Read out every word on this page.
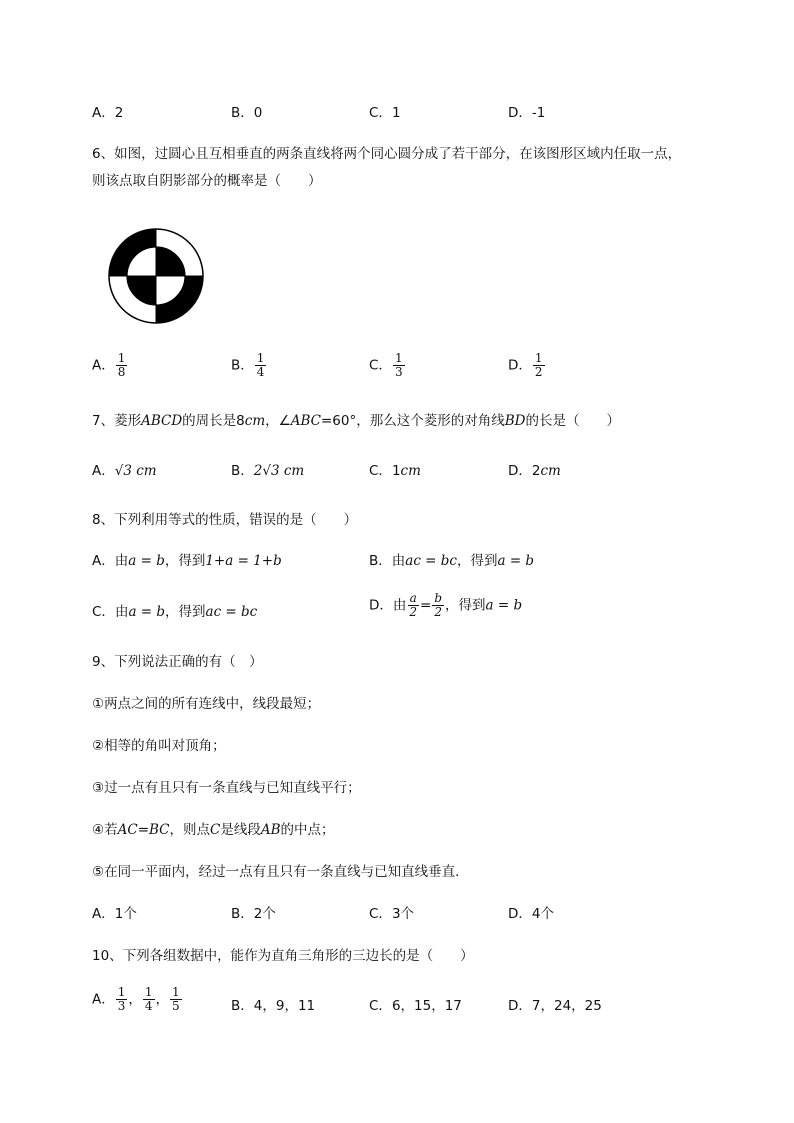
A．2	B．0	C．1	D．-1
6、如图，过圆心且互相垂直的两条直线将两个同心圆分成了若干部分，在该图形区域内任取一点，
则该点取自阴影部分的概率是（　　）
A． $\frac{1}{8}$	B． $\frac{1}{4}$	C． $\frac{1}{3}$	D． $\frac{1}{2}$
7、菱形ABCD的周长是8cm，∠ABC=60°，那么这个菱形的对角线BD的长是（　　）
A．√3 cm	B．2√3 cm	C．1cm	D．2cm
8、下列利用等式的性质，错误的是（　　）
A．由a = b，得到1+a = 1+b	B．由ac = bc，得到a = b
C．由a = b，得到ac = bc	D．由 $\frac{a}{2} = \frac{b}{2}$ ，得到a = b
9、下列说法正确的有（　）
①两点之间的所有连线中，线段最短；
②相等的角叫对顶角；
③过一点有且只有一条直线与已知直线平行；
④若AC=BC，则点C是线段AB的中点；
⑤在同一平面内，经过一点有且只有一条直线与已知直线垂直．
A．1个	B．2个	C．3个	D．4个
10、下列各组数据中，能作为直角三角形的三边长的是（　　）
A． $\frac{1}{3}$ ， $\frac{1}{4}$ ， $\frac{1}{5}$	B．4，9，11	C．6，15，17	D．7，24，25
